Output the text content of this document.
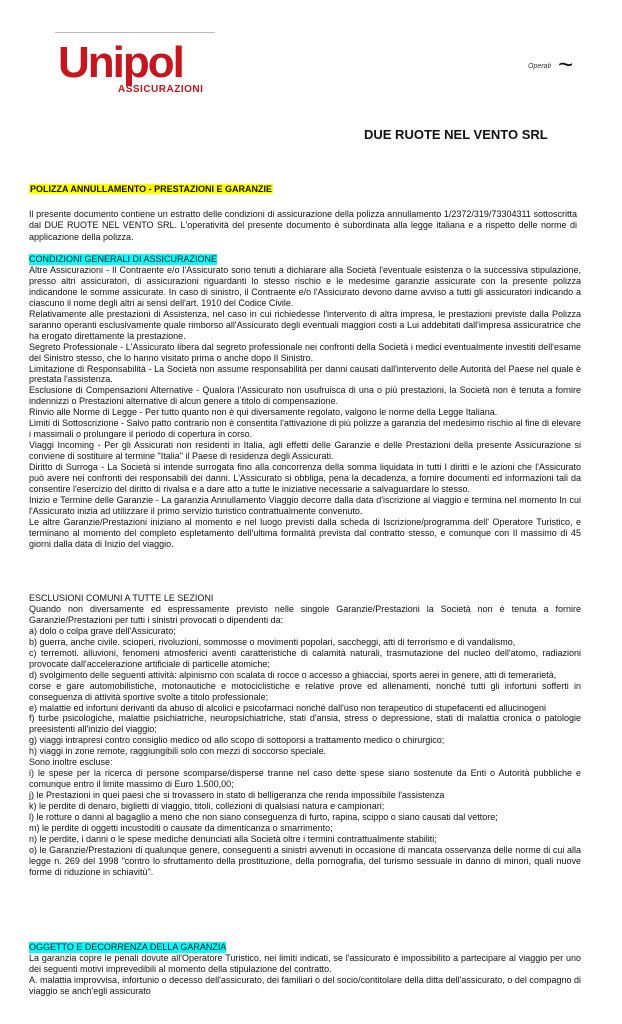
Unipol
ASSICURAZIONI
Operati ~
DUE RUOTE NEL VENTO SRL
POLIZZA ANNULLAMENTO - PRESTAZIONI E GARANZIE
Il presente documento contiene un estratto delle condizioni di assicurazione della polizza annullamento 1/2372/319/73304311 sottoscritta dal DUE RUOTE NEL VENTO SRL. L'operatività del presente documento è subordinata alla legge italiana e a rispetto delle norme di applicazione della polizza.
CONDIZIONI GENERALI DI ASSICURAZIONE

Altre Assicurazioni - Il Contraente e/o l'Assicurato sono tenuti a dichiarare alla Società l'eventuale esistenza o la successiva stipulazione, presso altri assicuratori, di assicurazioni riguardanti lo stesso rischio e le medesime garanzie assicurate con la presente polizza indicandone le somme assicurate. In caso di sinistro, il Contraente e/o l'Assicurato devono darne avviso a tutti gli assicuratori indicando a ciascuno il nome degli altri ai sensi dell'art. 1910 del Codice Civile.

Relativamente alle prestazioni di Assistenza, nel caso in cui richiedesse l'intervento di altra impresa, le prestazioni previste dalla Polizza saranno operanti esclusivamente quale rimborso all'Assicurato degli eventuali maggiori costi a Lui addebitati dall'impresa assicuratrice che ha erogato direttamente la prestazione.

Segreto Professionale - L'Assicurato libera dal segreto professionale nei confronti della Società i medici eventualmente investiti dell'esame del Sinistro stesso, che lo hanno visitato prima o anche dopo Il Sinistro.

Limitazione di Responsabilità - La Società non assume responsabilità per danni causati dall'intervento delle Autorità del Paese nel quale è prestata l'assistenza.

Esclusione di Compensazioni Alternative - Qualora l'Assicurato non usufruisca di una o più prestazioni, la Società non è tenuta a fornire indennizzi o Prestazioni alternative di alcun genere a titolo di compensazione.

Rinvio alle Norme di Legge - Per tutto quanto non è qui diversamente regolato, valgono le norme della Legge Italiana.

Limiti di Sottoscrizione - Salvo patto contrario non è consentita l'attivazione di più polizze a garanzia del medesimo rischio al fine di elevare i massimali o prolungare il periodo di copertura in corso.

Viaggi Incoming - Per gli Assicurati non residenti in Italia, agli effetti delle Garanzie e delle Prestazioni della presente Assicurazione si conviene di sostituire al termine "Italia" il Paese di residenza degli Assicurati.

Diritto di Surroga - La Società si intende surrogata fino alla concorrenza della somma liquidata in tutti I diritti e le azioni che l'Assicurato può avere nei confronti dei responsabili dei danni. L'Assicurato si obbliga, pena la decadenza, a fornire documenti ed informazioni tali da consentire l'esercizio del diritto di rivalsa e a dare atto a tutte le iniziative necessarie a salvaguardare lo stesso.

Inizio e Termine delle Garanzie - La garanzia Annullamento Viaggio decorre dalla data d'iscrizione al viaggio e termina nel momento In cui l'Assicurato inizia ad utilizzare il primo servizio turistico contrattualmente convenuto.

Le altre Garanzie/Prestazioni iniziano al momento e nel luogo previsti dalla scheda di Iscrizione/programma dell' Operatore Turistico, e terminano al momento del completo espletamento dell'ultima formalità prevista dal contratto stesso, e comunque con Il massimo di 45 giorni dalla data di Inizio del viaggio.

ESCLUSIONI COMUNI A TUTTE LE SEZIONI

Quando non diversamente ed espressamente previsto nelle singole Garanzie/Prestazioni la Società non è tenuta a fornire Garanzie/Prestazioni per tutti i sinistri provocati o dipendenti da:

a) dolo o colpa grave dell'Assicurato;

b) guerra, anche civile. scioperi, rivoluzioni, sommosse o movimenti popolari, saccheggi, atti di terrorismo e di vandalismo,

c) terremoti. alluvioni, fenomeni atmosferici aventi caratteristiche di calamità naturali, trasmutazione del nucleo dell'atomo, radiazioni provocate dall'accelerazione artificiale di particelle atomiche;

d) svolgimento delle seguenti attività: alpinismo con scalata di rocce o accesso a ghiacciai, sports aerei in genere, atti di temerarietà,

corse e gare automobilistiche, motonautiche e motociclistiche e relative prove ed allenamenti, nonché tutti gli infortuni sofferti in conseguenza di attività sportive svolte a titolo professionale;

e) malattie ed infortuni derivanti da abuso di alcolici e psicofarmaci nonché dall'uso non terapeutico di stupefacenti ed allucinogeni

f) turbe psicologiche, malattie psichiatriche, neuropsichiatriche, stati d'ansia, stress o depressione, stati di malattia cronica o patologie preesistenti all'inizio del viaggio;

g) viaggi intrapresi contro consiglio medico od allo scopo di sottoporsi a trattamento medico o chirurgico;

h) viaggi in zone remote, raggiungibili solo con mezzi di soccorso speciale.

Sono inoltre escluse:

i) le spese per la ricerca di persone scomparse/disperse tranne nel caso dette spese siano sostenute da Enti o Autorità pubbliche e comunque entro il limite massimo di Euro 1.500,00;

j) le Prestazioni in quei paesi che si trovassero in stato di belligeranza che renda impossibile l'assistenza

k) le perdite di denaro, biglietti di viaggio, titoli, collezioni di qualsiasi natura e campionari;

l) le rotture o danni al bagaglio a meno che non siano conseguenza di furto, rapina, scippo o siano causati dal vettore;

m) le perdite di oggetti incustoditi o causate da dimenticanza o smarrimento;

n) le perdite, i danni o le spese mediche denunciati alla Società oltre i termini contrattualmente stabiliti;

o) le Garanzie/Prestazioni di qualunque genere, conseguenti a sinistri avvenuti in occasione di mancata osservanza delle norme di cui alla legge n. 269 del 1998 "contro lo sfruttamento della prostituzione, della pornografia, del turismo sessuale in danno di minori, quali nuove forme di riduzione in schiavitù".

OGGETTO E DECORRENZA DELLA GARANZIA

La garanzia copre le penali dovute all'Operatore Turistico, nei limiti indicati, se l'assicurato è impossibilito a partecipare al viaggio per uno dei seguenti motivi imprevedibili al momento della stipulazione del contratto.

A. malattia improvvisa, infortunio o decesso dell'assicurato, dei familiari o del socio/contitolare della ditta dell'assicurato, o del compagno di viaggio se anch'egli assicurato
